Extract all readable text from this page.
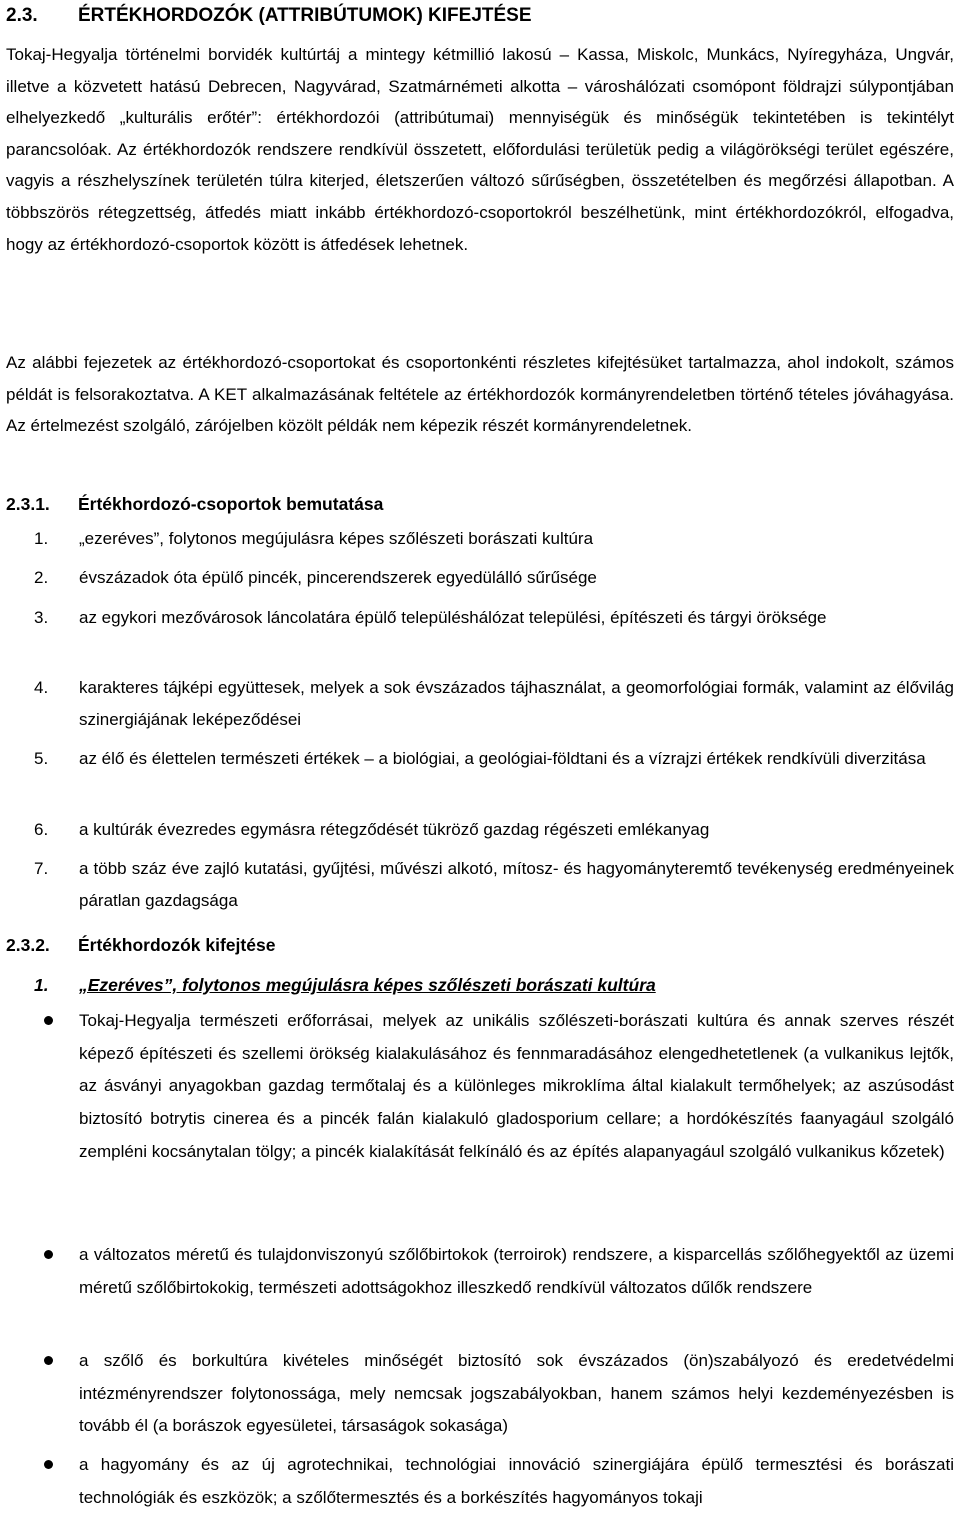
2.3. ÉRTÉKHORDOZÓK (ATTRIBÚTUMOK) KIFEJTÉSE

Tokaj-Hegyalja történelmi borvidék kultúrtáj a mintegy kétmillió lakosú – Kassa, Miskolc, Munkács, Nyíregyháza, Ungvár, illetve a közvetett hatású Debrecen, Nagyvárad, Szatmárnémeti alkotta – városhálózati csomópont földrajzi súlypontjában elhelyezkedő „kulturális erőtér”: értékhordozói (attribútumai) mennyiségük és minőségük tekintetében is tekintélyt parancsolóak. Az értékhordozók rendszere rendkívül összetett, előfordulási területük pedig a világörökségi terület egészére, vagyis a részhelyszínek területén túlra kiterjed, életszerűen változó sűrűségben, összetételben és megőrzési állapotban. A többszörös rétegzettség, átfedés miatt inkább értékhordozó-csoportokról beszélhetünk, mint értékhordozókról, elfogadva, hogy az értékhordozó-csoportok között is átfedések lehetnek.

Az alábbi fejezetek az értékhordozó-csoportokat és csoportonkénti részletes kifejtésüket tartalmazza, ahol indokolt, számos példát is felsorakoztatva. A KET alkalmazásának feltétele az értékhordozók kormányrendeletben történő tételes jóváhagyása. Az értelmezést szolgáló, zárójelben közölt példák nem képezik részét kormányrendeletnek.

2.3.1. Értékhordozó-csoportok bemutatása
1.	„ezeréves”, folytonos megújulásra képes szőlészeti borászati kultúra
2.	évszázadok óta épülő pincék, pincerendszerek egyedülálló sűrűsége
3.	az egykori mezővárosok láncolatára épülő településhálózat települési, építészeti és tárgyi öröksége
4.	karakteres tájképi együttesek, melyek a sok évszázados tájhasználat, a geomorfológiai formák, valamint az élővilág szinergiájának leképeződései
5.	az élő és élettelen természeti értékek – a biológiai, a geológiai-földtani és a vízrajzi értékek rendkívüli diverzitása
6.	a kultúrák évezredes egymásra rétegződését tükröző gazdag régészeti emlékanyag
7.	a több száz éve zajló kutatási, gyűjtési, művészi alkotó, mítosz- és hagyományteremtő tevékenység eredményeinek páratlan gazdagsága
2.3.2. Értékhordozók kifejtése
1. „Ezeréves”, folytonos megújulásra képes szőlészeti borászati kultúra
Tokaj-Hegyalja természeti erőforrásai, melyek az unikális szőlészeti-borászati kultúra és annak szerves részét képező építészeti és szellemi örökség kialakulásához és fennmaradásához elengedhetetlenek (a vulkanikus lejtők, az ásványi anyagokban gazdag termőtalaj és a különleges mikroklíma által kialakult termőhelyek; az aszúsodást biztosító botrytis cinerea és a pincék falán kialakuló gladosporium cellare; a hordókészítés faanyagául szolgáló zempléni kocsánytalan tölgy; a pincék kialakítását felkínáló és az építés alapanyagául szolgáló vulkanikus kőzetek)
a változatos méretű és tulajdonviszonyú szőlőbirtokok (terroirok) rendszere, a kisparcellás szőlőhegyektől az üzemi méretű szőlőbirtokokig, természeti adottságokhoz illeszkedő rendkívül változatos dűlők rendszere
a szőlő és borkultúra kivételes minőségét biztosító sok évszázados (ön)szabályozó és eredetvédelmi intézményrendszer folytonossága, mely nemcsak jogszabályokban, hanem számos helyi kezdeményezésben is tovább él (a borászok egyesületei, társaságok sokasága)
a hagyomány és az új agrotechnikai, technológiai innováció szinergiájára épülő termesztési és borászati technológiák és eszközök; a szőlőtermesztés és a borkészítés hagyományos tokaji
